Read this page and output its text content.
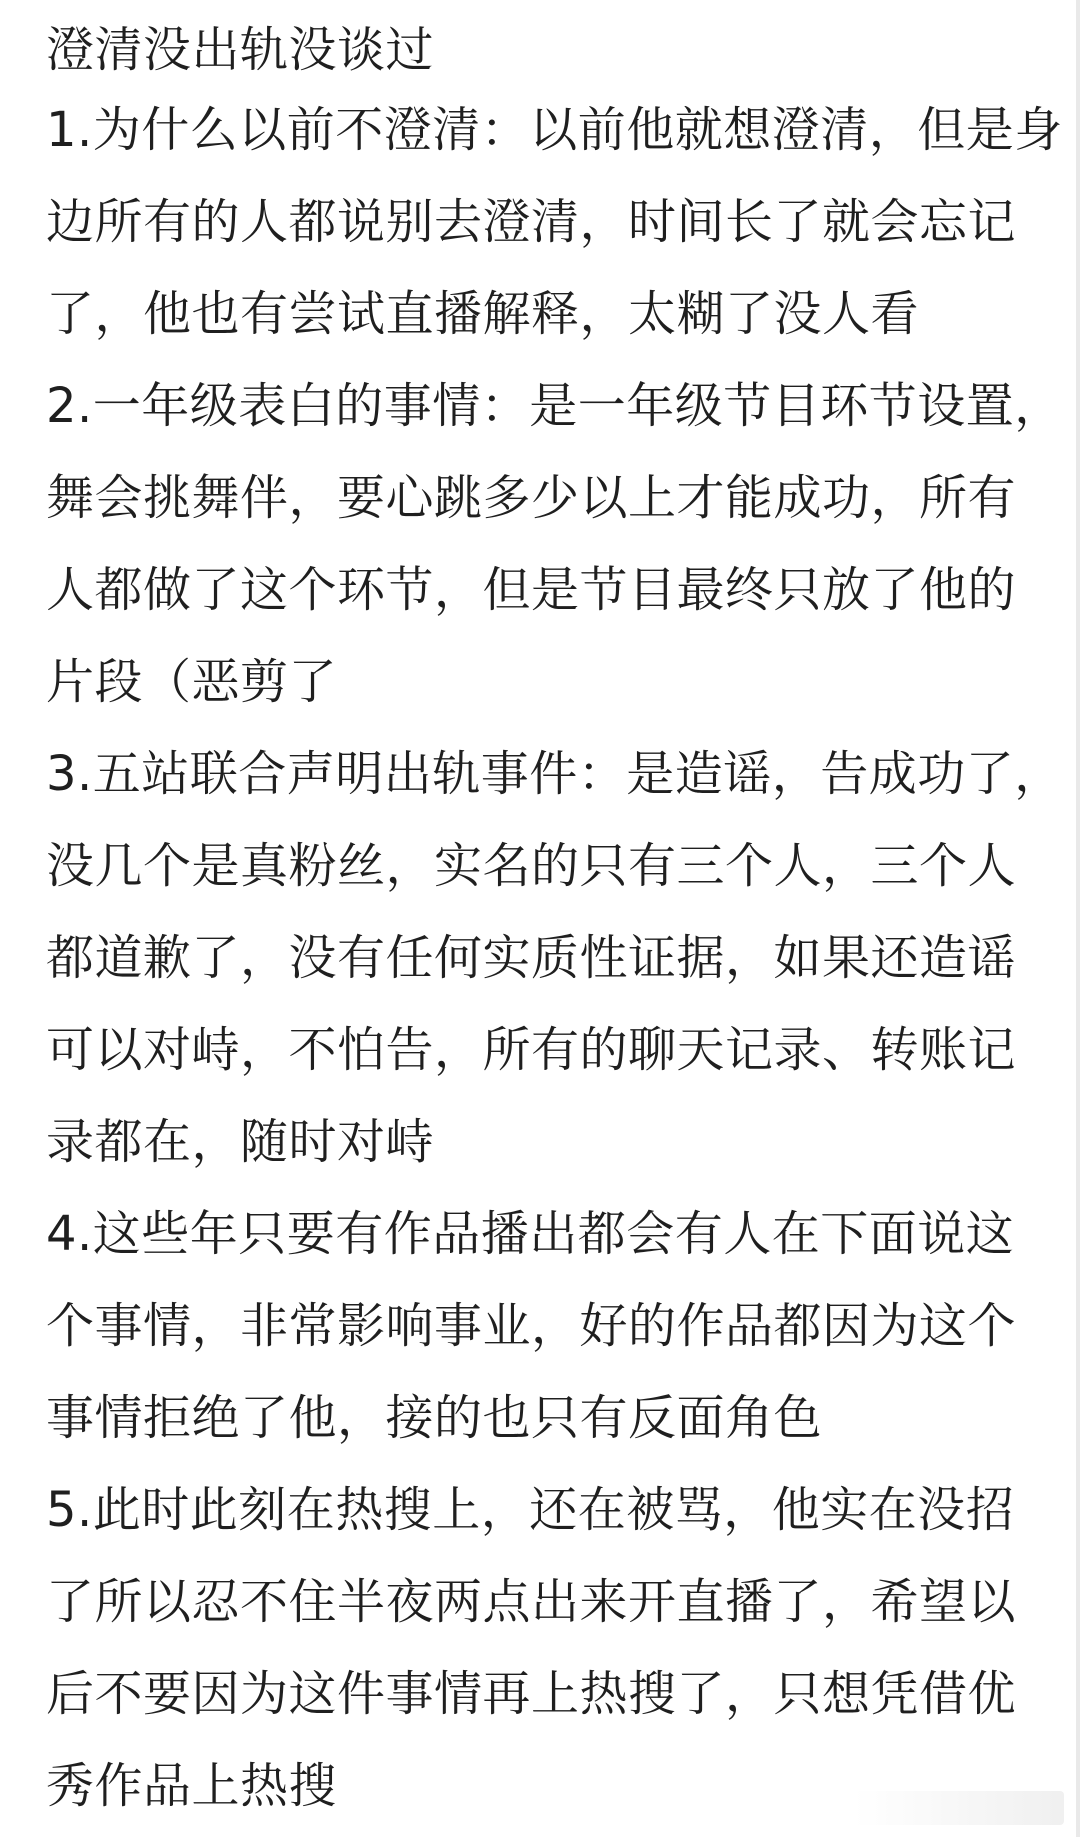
澄清没出轨没谈过
1.为什么以前不澄清：以前他就想澄清，但是身
边所有的人都说别去澄清，时间长了就会忘记
了，他也有尝试直播解释，太糊了没人看
2.一年级表白的事情：是一年级节目环节设置，
舞会挑舞伴，要心跳多少以上才能成功，所有
人都做了这个环节，但是节目最终只放了他的
片段（恶剪了
3.五站联合声明出轨事件：是造谣，告成功了，
没几个是真粉丝，实名的只有三个人，三个人
都道歉了，没有任何实质性证据，如果还造谣
可以对峙，不怕告，所有的聊天记录、转账记
录都在，随时对峙
4.这些年只要有作品播出都会有人在下面说这
个事情，非常影响事业，好的作品都因为这个
事情拒绝了他，接的也只有反面角色
5.此时此刻在热搜上，还在被骂，他实在没招
了所以忍不住半夜两点出来开直播了，希望以
后不要因为这件事情再上热搜了，只想凭借优
秀作品上热搜
